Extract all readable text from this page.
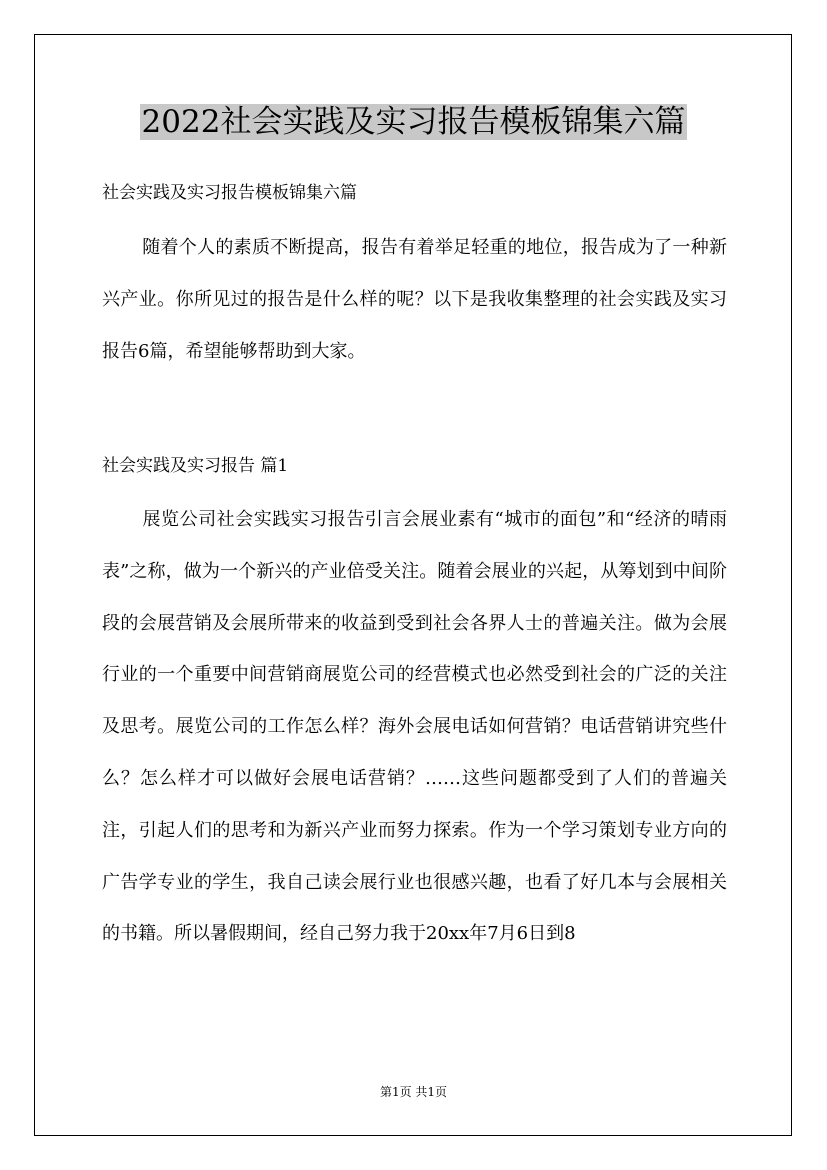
2022社会实践及实习报告模板锦集六篇
社会实践及实习报告模板锦集六篇

随着个人的素质不断提高，报告有着举足轻重的地位，报告成为了一种新兴产业。你所见过的报告是什么样的呢？以下是我收集整理的社会实践及实习报告6篇，希望能够帮助到大家。

社会实践及实习报告 篇1

展览公司社会实践实习报告引言会展业素有“城市的面包”和“经济的晴雨表”之称，做为一个新兴的产业倍受关注。随着会展业的兴起，从筹划到中间阶段的会展营销及会展所带来的收益到受到社会各界人士的普遍关注。做为会展行业的一个重要中间营销商展览公司的经营模式也必然受到社会的广泛的关注及思考。展览公司的工作怎么样？海外会展电话如何营销？电话营销讲究些什么？怎么样才可以做好会展电话营销？……这些问题都受到了人们的普遍关注，引起人们的思考和为新兴产业而努力探索。作为一个学习策划专业方向的广告学专业的学生，我自己读会展行业也很感兴趣，也看了好几本与会展相关的书籍。所以暑假期间，经自己努力我于20xx年7月6日到8

第1页 共1页
